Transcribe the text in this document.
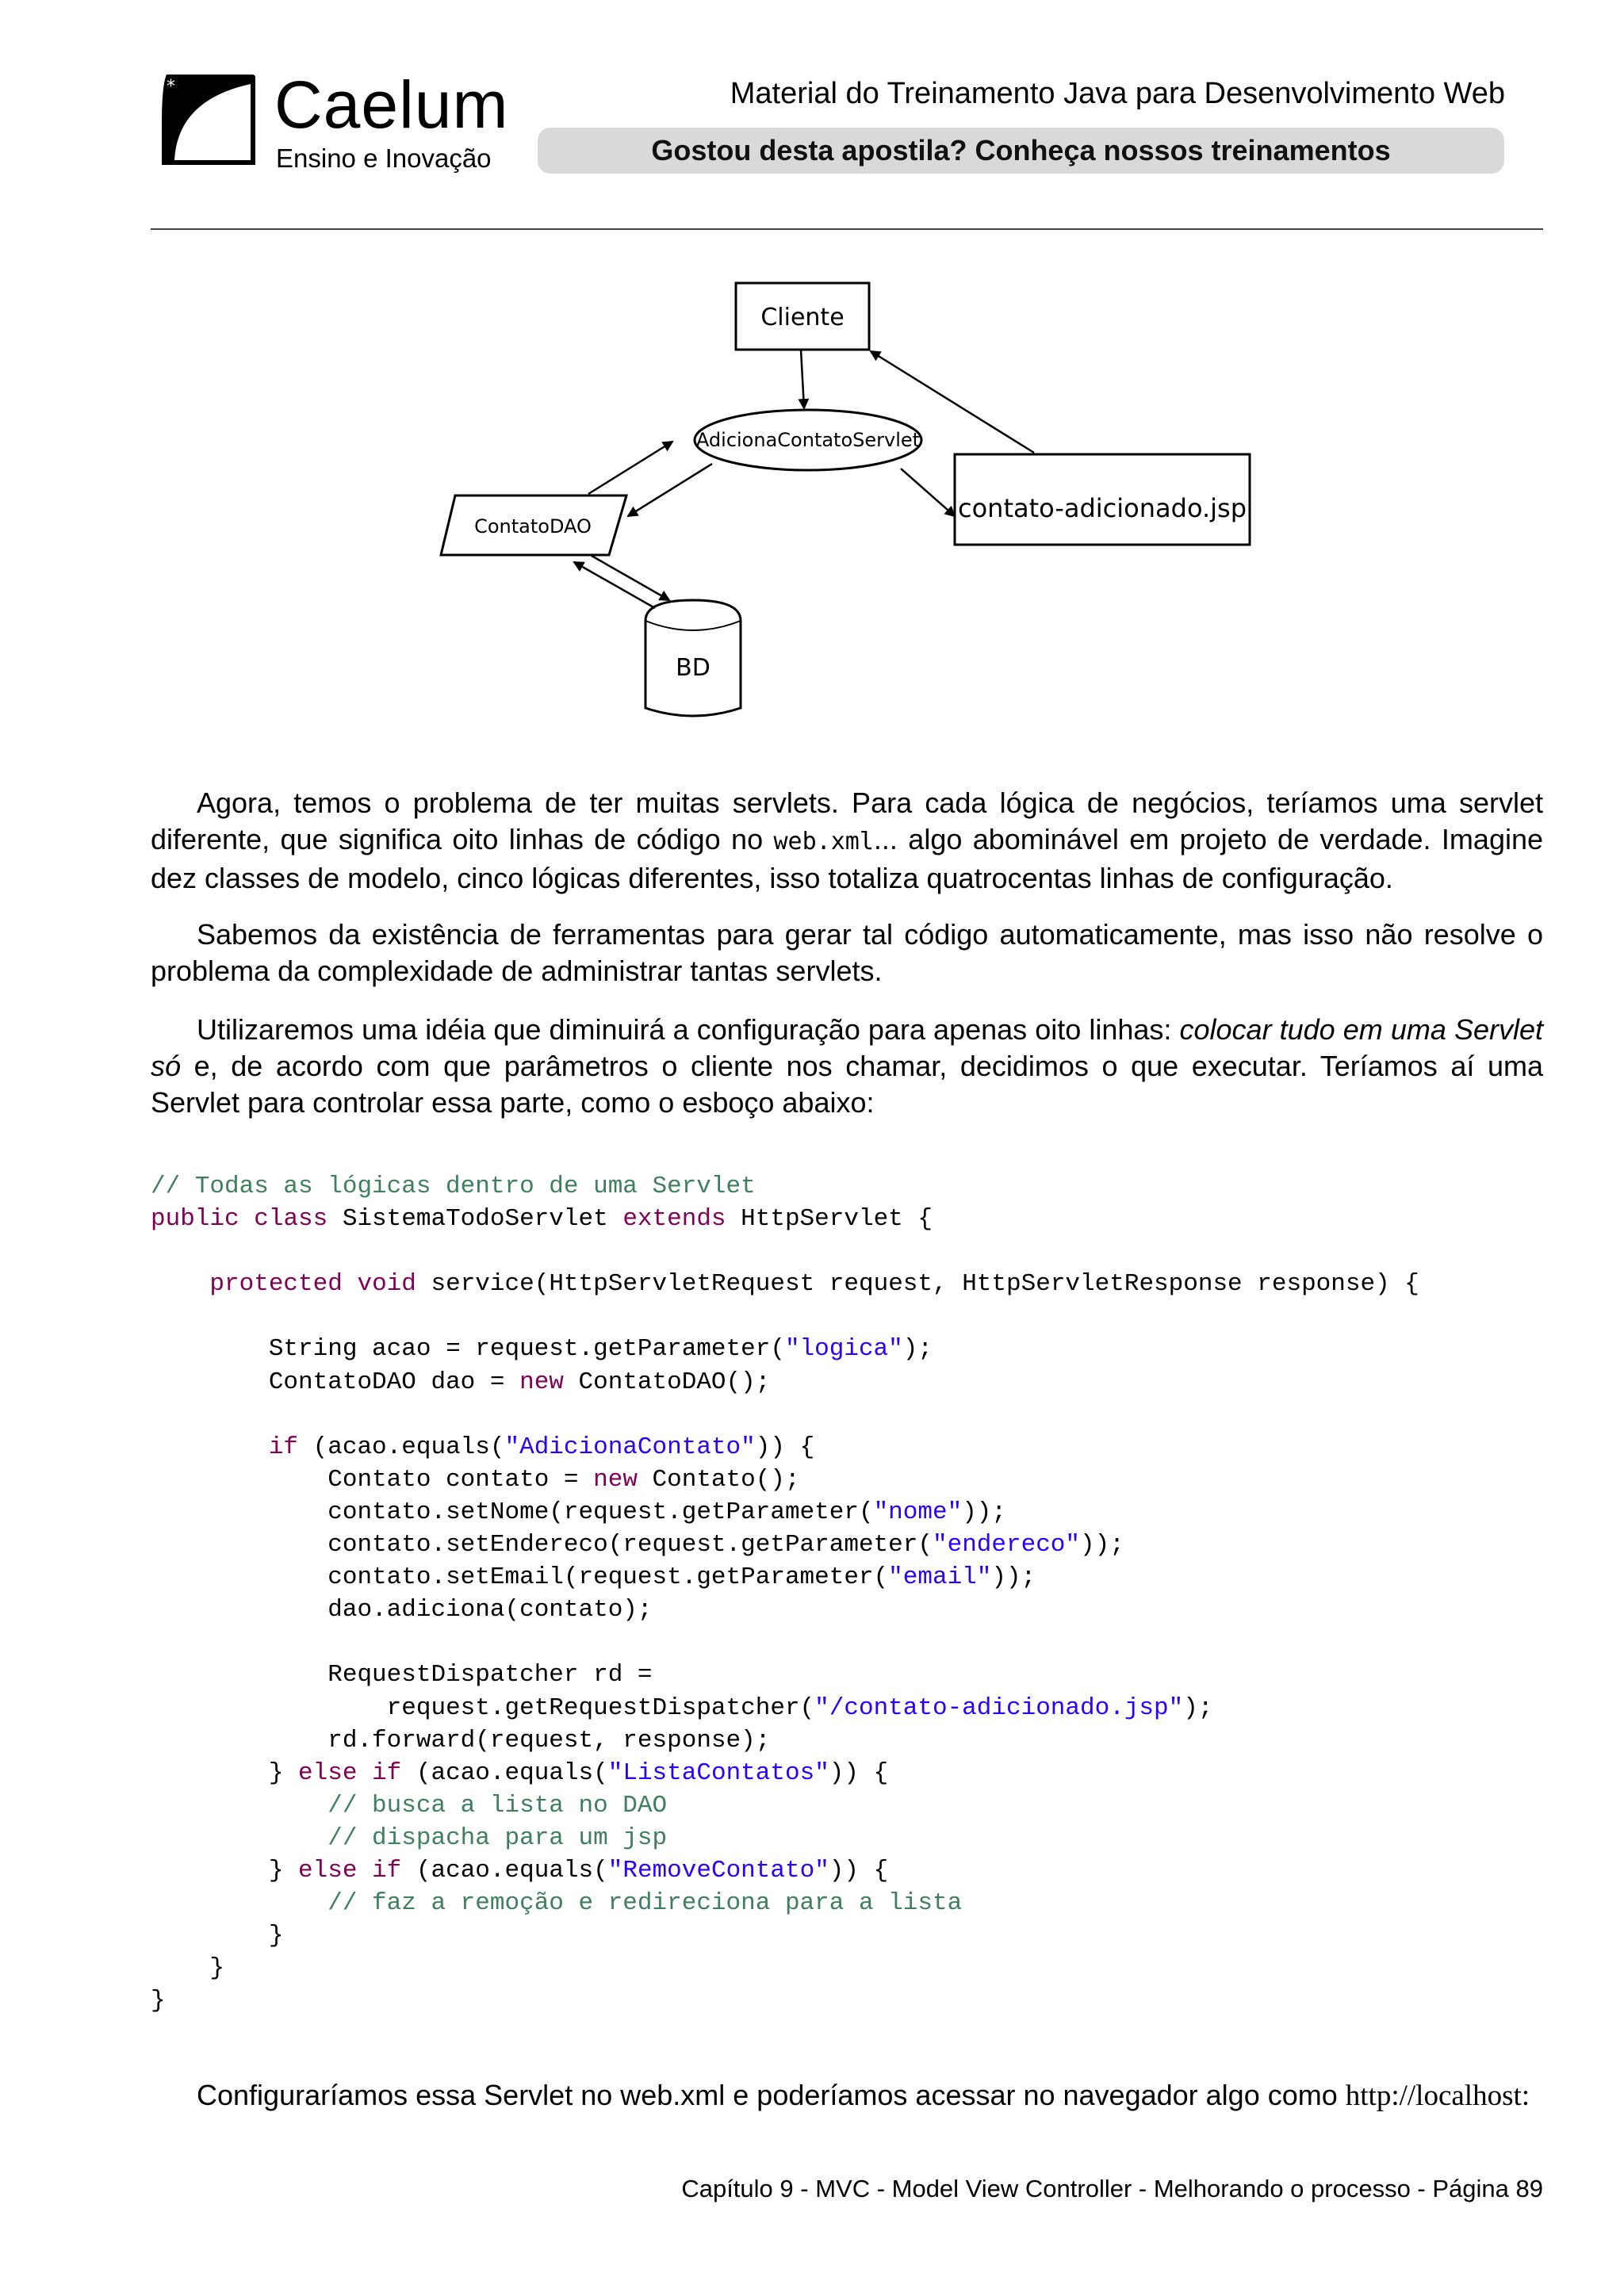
* Caelum
Ensino e Inovação
Material do Treinamento Java para Desenvolvimento Web
Gostou desta apostila? Conheça nossos treinamentos
Cliente
AdicionaContatoServlet
ContatoDAO
contato-adicionado.jsp
BD
Agora, temos o problema de ter muitas servlets. Para cada lógica de negócios, teríamos uma servlet diferente, que significa oito linhas de código no web.xml... algo abominável em projeto de verdade. Imagine dez classes de modelo, cinco lógicas diferentes, isso totaliza quatrocentas linhas de configuração.
Sabemos da existência de ferramentas para gerar tal código automaticamente, mas isso não resolve o problema da complexidade de administrar tantas servlets.
Utilizaremos uma idéia que diminuirá a configuração para apenas oito linhas: colocar tudo em uma Servlet só e, de acordo com que parâmetros o cliente nos chamar, decidimos o que executar. Teríamos aí uma Servlet para controlar essa parte, como o esboço abaixo:
// Todas as lógicas dentro de uma Servlet
public class SistemaTodoServlet extends HttpServlet {

protected void service(HttpServletRequest request, HttpServletResponse response) {

String acao = request.getParameter("logica");
ContatoDAO dao = new ContatoDAO();

if (acao.equals("AdicionaContato")) {
Contato contato = new Contato();
contato.setNome(request.getParameter("nome"));
contato.setEndereco(request.getParameter("endereco"));
contato.setEmail(request.getParameter("email"));
dao.adiciona(contato);

RequestDispatcher rd =
request.getRequestDispatcher("/contato-adicionado.jsp");
rd.forward(request, response);
} else if (acao.equals("ListaContatos")) {
// busca a lista no DAO
// dispacha para um jsp
} else if (acao.equals("RemoveContato")) {
// faz a remoção e redireciona para a lista
}
}
}
Configuraríamos essa Servlet no web.xml e poderíamos acessar no navegador algo como http://localhost:
Capítulo 9 - MVC - Model View Controller - Melhorando o processo - Página 89
